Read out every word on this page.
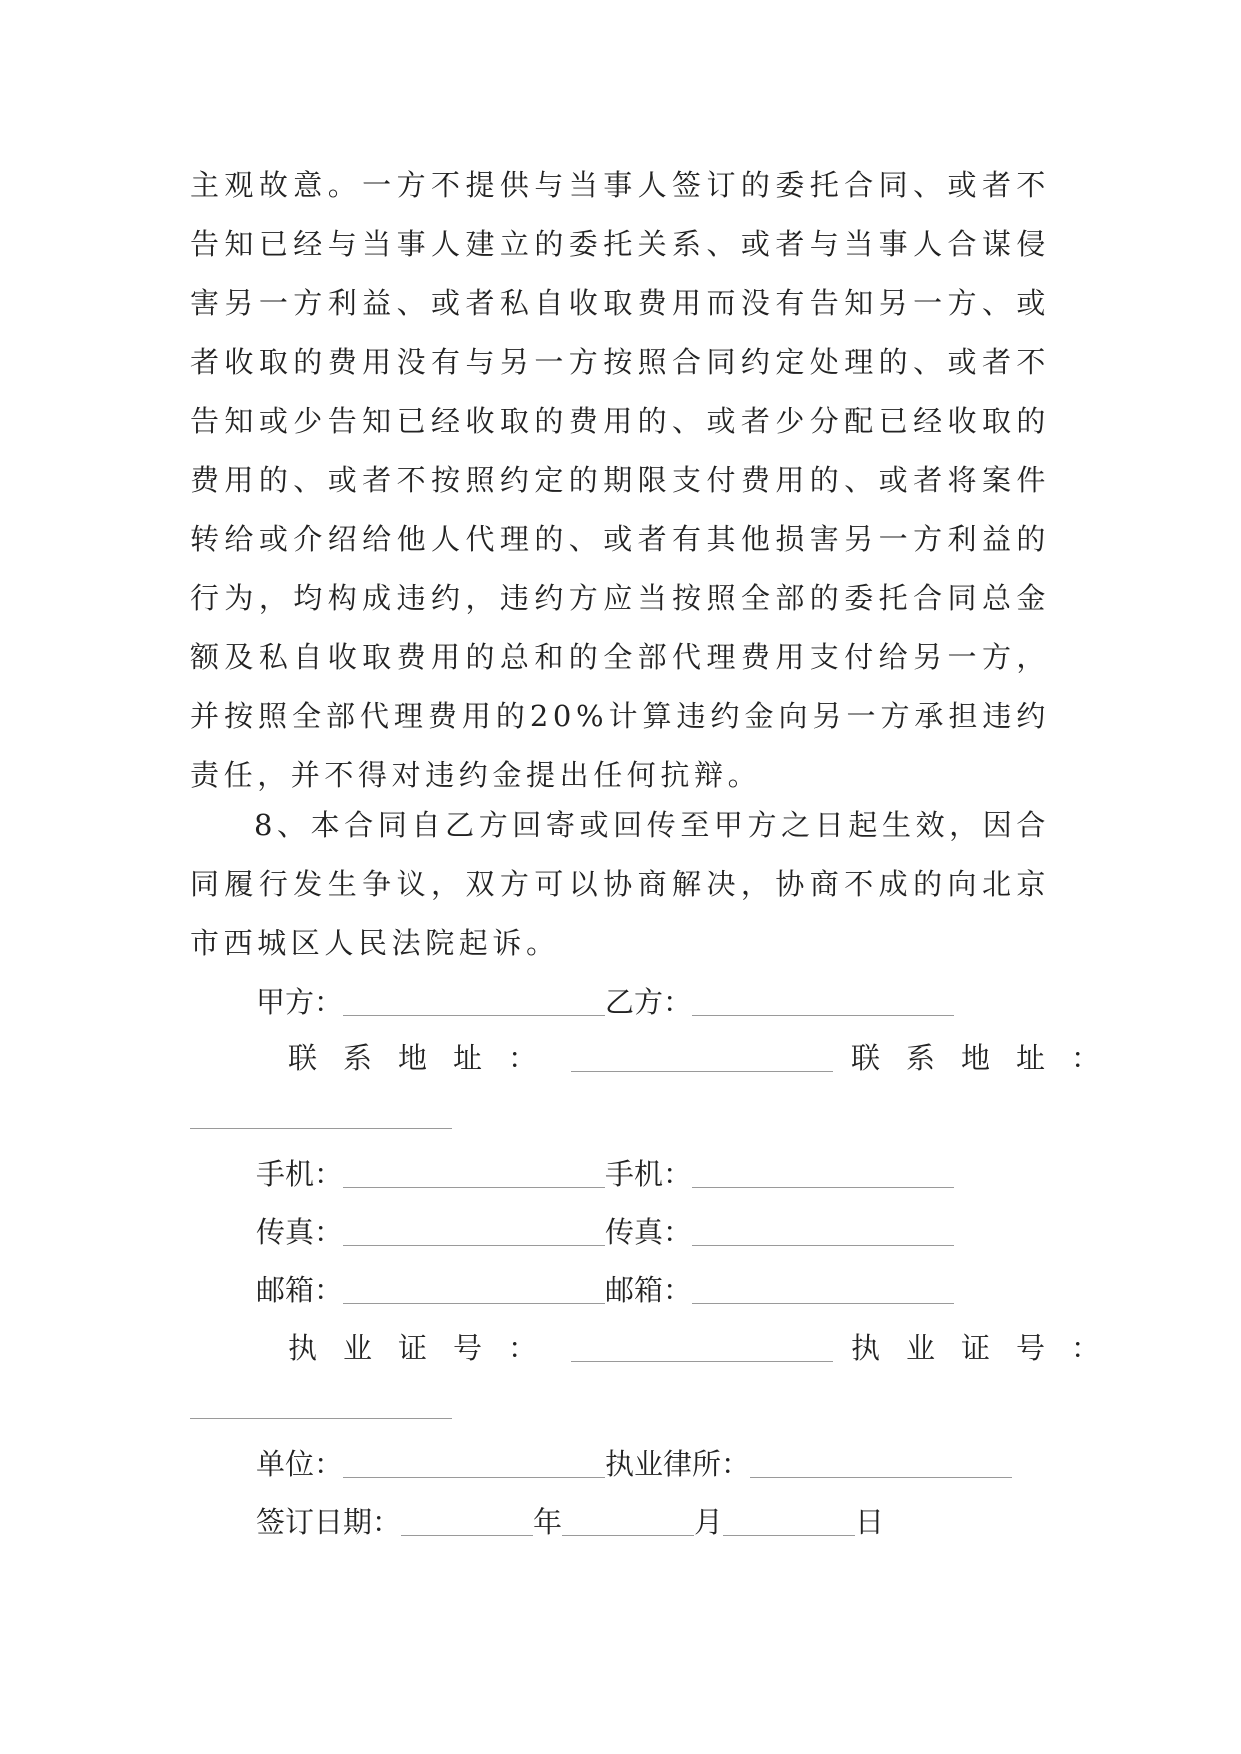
主观故意。一方不提供与当事人签订的委托合同、或者不告知已经与当事人建立的委托关系、或者与当事人合谋侵害另一方利益、或者私自收取费用而没有告知另一方、或者收取的费用没有与另一方按照合同约定处理的、或者不告知或少告知已经收取的费用的、或者少分配已经收取的费用的、或者不按照约定的期限支付费用的、或者将案件转给或介绍给他人代理的、或者有其他损害另一方利益的行为，均构成违约，违约方应当按照全部的委托合同总金额及私自收取费用的总和的全部代理费用支付给另一方，并按照全部代理费用的20%计算违约金向另一方承担违约责任，并不得对违约金提出任何抗辩。
8、本合同自乙方回寄或回传至甲方之日起生效，因合同履行发生争议，双方可以协商解决，协商不成的向北京市西城区人民法院起诉。
甲方：	乙方：
联系地址：	联系地址：
手机：	手机：
传真：	传真：
邮箱：	邮箱：
执业证号：	执业证号：
单位：	执业律所：
签订日期：	年	月	日
